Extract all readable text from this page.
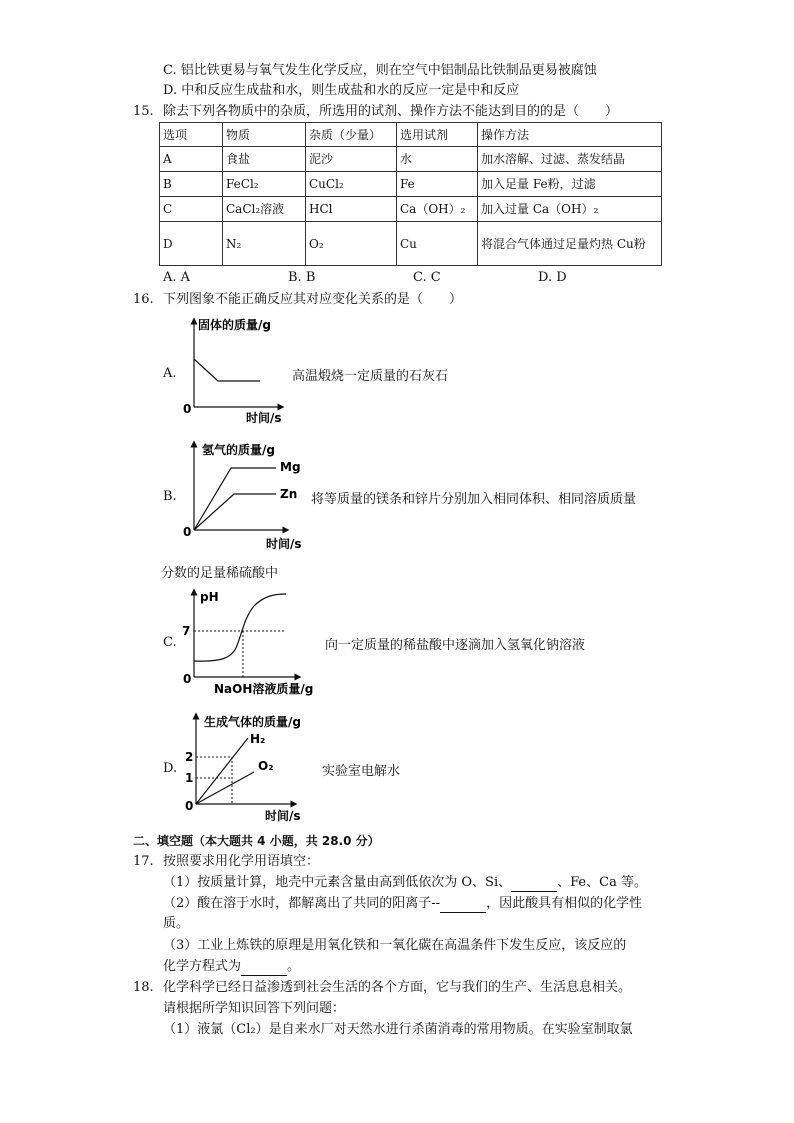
C. 铝比铁更易与氧气发生化学反应，则在空气中铝制品比铁制品更易被腐蚀
D. 中和反应生成盐和水，则生成盐和水的反应一定是中和反应
15. 除去下列各物质中的杂质，所选用的试剂、操作方法不能达到目的的是（　　）
选项	物质	杂质（少量）	选用试剂	操作方法
A	食盐	泥沙	水	加水溶解、过滤、蒸发结晶
B	FeCl₂	CuCl₂	Fe	加入足量 Fe粉，过滤
C	CaCl₂溶液	HCl	Ca（OH）₂	加入过量 Ca（OH）₂
D	N₂	O₂	Cu	将混合气体通过足量灼热 Cu粉
A. A	B. B	C. C	D. D
16. 下列图象不能正确反应其对应变化关系的是（　　）
A.
固体的质量/g
0
时间/s
高温煅烧一定质量的石灰石
B.
氢气的质量/g
0
时间/s
Mg
Zn 将等质量的镁条和锌片分别加入相同体积、相同溶质质量
分数的足量稀硫酸中
C.
pH
0
NaOH溶液质量/g
7
向一定质量的稀盐酸中逐滴加入氢氧化钠溶液
D.
生成气体的质量/g
0
时间/s
2
1
H₂
O₂	实验室电解水
二、填空题（本大题共 4 小题，共 28.0 分）
17. 按照要求用化学用语填空：
（1）按质量计算，地壳中元素含量由高到低依次为 O、Si、	、Fe、Ca 等。
（2）酸在溶于水时，都解离出了共同的阳离子--	，因此酸具有相似的化学性
质。
（3）工业上炼铁的原理是用氧化铁和一氧化碳在高温条件下发生反应，该反应的
化学方程式为	。
18. 化学科学已经日益渗透到社会生活的各个方面，它与我们的生产、生活息息相关。
请根据所学知识回答下列问题：
（1）液氯（Cl₂）是自来水厂对天然水进行杀菌消毒的常用物质。在实验室制取氯
